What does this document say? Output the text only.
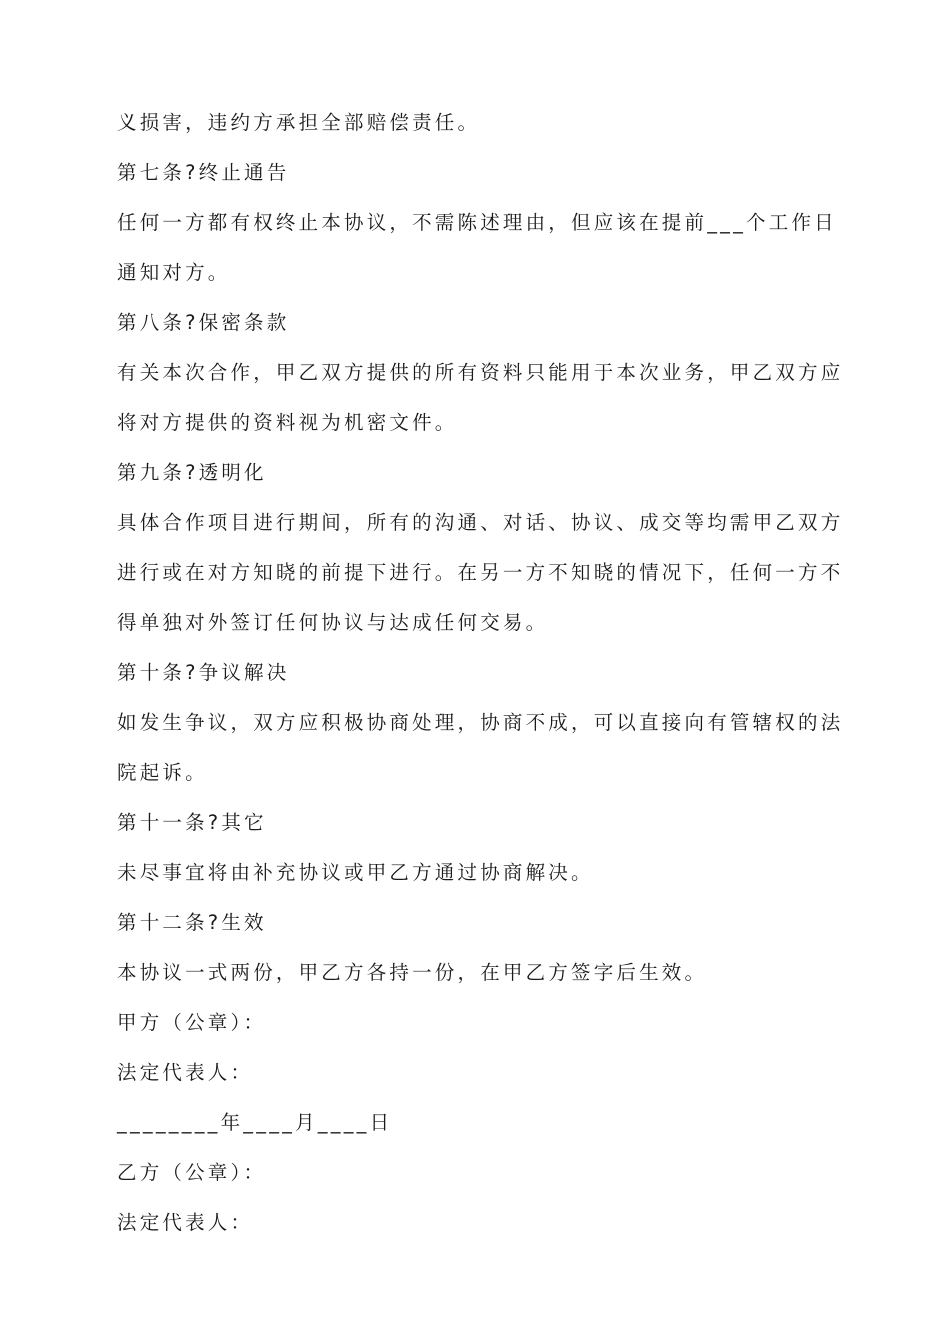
义损害，违约方承担全部赔偿责任。
第七条?终止通告
任何一方都有权终止本协议，不需陈述理由，但应该在提前___个工作日
通知对方。
第八条?保密条款
有关本次合作，甲乙双方提供的所有资料只能用于本次业务，甲乙双方应
将对方提供的资料视为机密文件。
第九条?透明化
具体合作项目进行期间，所有的沟通、对话、协议、成交等均需甲乙双方
进行或在对方知晓的前提下进行。在另一方不知晓的情况下，任何一方不
得单独对外签订任何协议与达成任何交易。
第十条?争议解决
如发生争议，双方应积极协商处理，协商不成，可以直接向有管辖权的法
院起诉。
第十一条?其它
未尽事宜将由补充协议或甲乙方通过协商解决。
第十二条?生效
本协议一式两份，甲乙方各持一份，在甲乙方签字后生效。
甲方（公章）：
法定代表人：
________年____月____日
乙方（公章）：
法定代表人：
